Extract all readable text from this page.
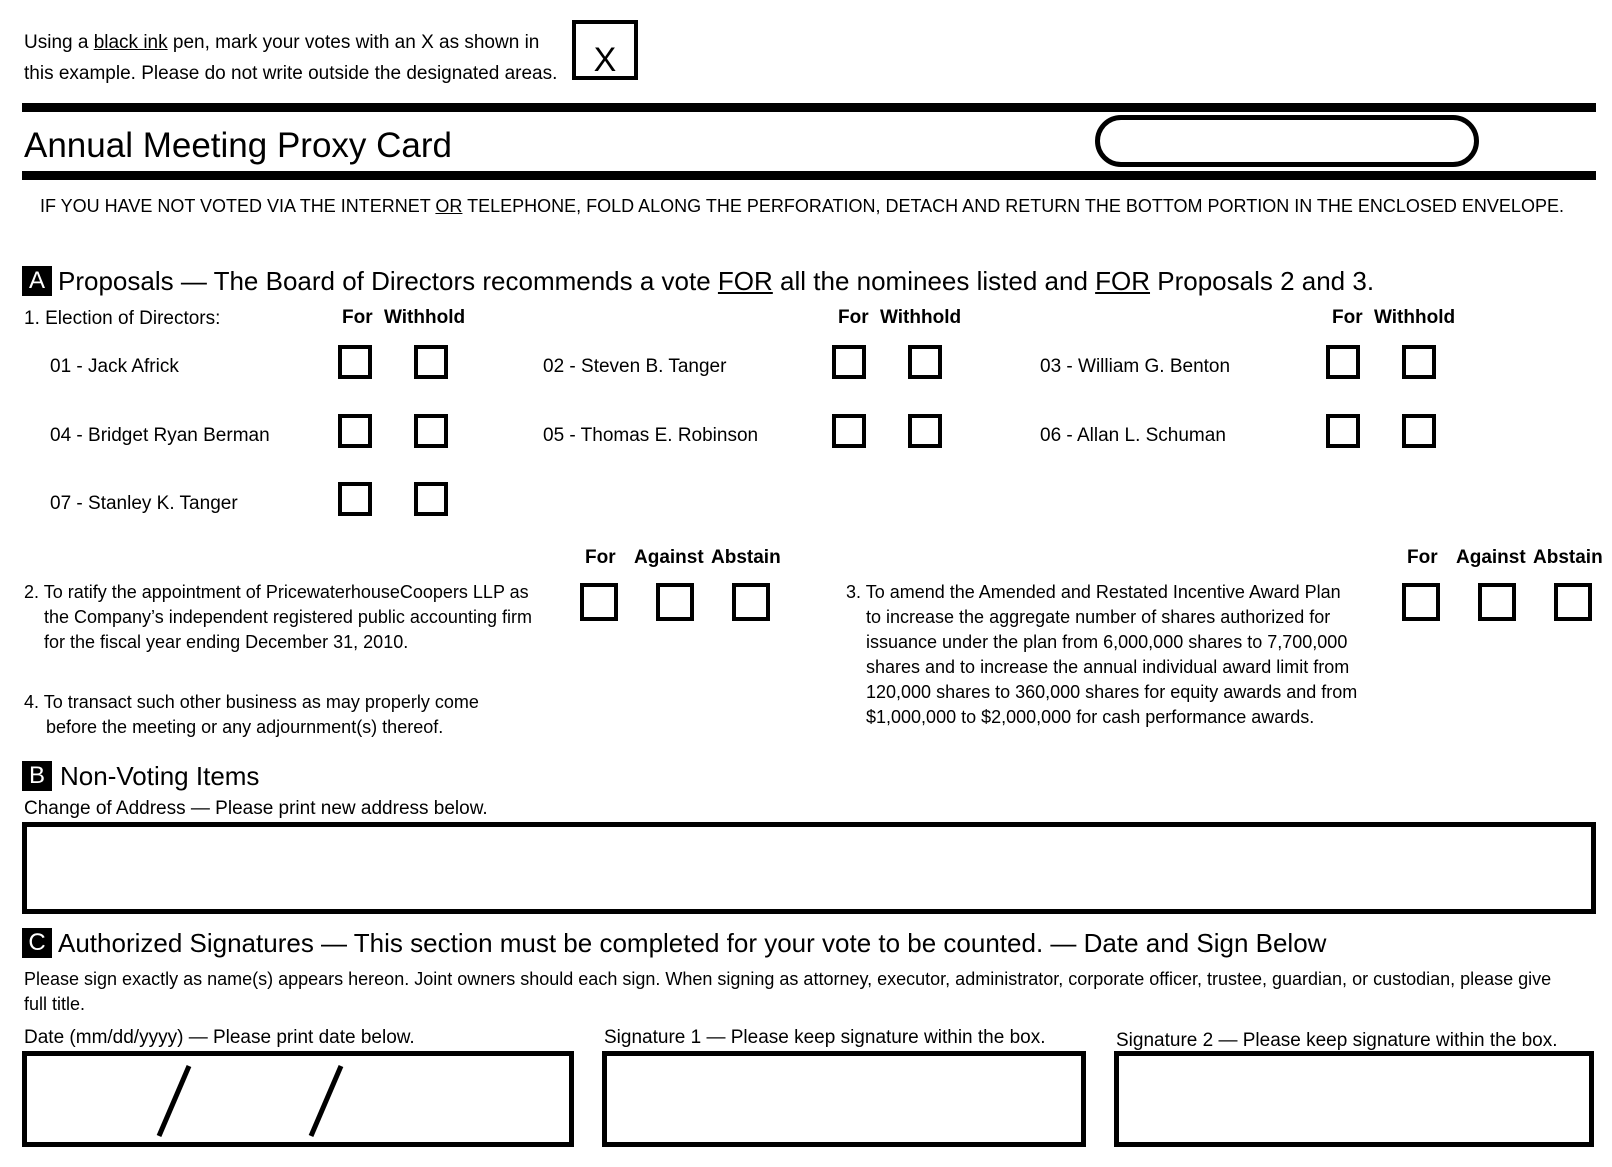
Using a black ink pen, mark your votes with an X as shown in
this example. Please do not write outside the designated areas.	X
Annual Meeting Proxy Card
IF YOU HAVE NOT VOTED VIA THE INTERNET OR TELEPHONE, FOLD ALONG THE PERFORATION, DETACH AND RETURN THE BOTTOM PORTION IN THE ENCLOSED ENVELOPE.
A Proposals — The Board of Directors recommends a vote FOR all the nominees listed and FOR Proposals 2 and 3.
1. Election of Directors:	For Withhold	For Withhold	For Withhold
01 - Jack Africk	02 - Steven B. Tanger	03 - William G. Benton
04 - Bridget Ryan Berman	05 - Thomas E. Robinson	06 - Allan L. Schuman
07 - Stanley K. Tanger
For Against Abstain
2. To ratify the appointment of PricewaterhouseCoopers LLP as
the Company’s independent registered public accounting firm
for the fiscal year ending December 31, 2010.
For Against Abstain
3. To amend the Amended and Restated Incentive Award Plan
to increase the aggregate number of shares authorized for
issuance under the plan from 6,000,000 shares to 7,700,000
shares and to increase the annual individual award limit from
120,000 shares to 360,000 shares for equity awards and from
$1,000,000 to $2,000,000 for cash performance awards.
4. To transact such other business as may properly come
before the meeting or any adjournment(s) thereof.
B Non-Voting Items
Change of Address — Please print new address below.
C Authorized Signatures — This section must be completed for your vote to be counted. — Date and Sign Below
Please sign exactly as name(s) appears hereon. Joint owners should each sign. When signing as attorney, executor, administrator, corporate officer, trustee, guardian, or custodian, please give
full title.
Date (mm/dd/yyyy) — Please print date below.	Signature 1 — Please keep signature within the box.	Signature 2 — Please keep signature within the box.
